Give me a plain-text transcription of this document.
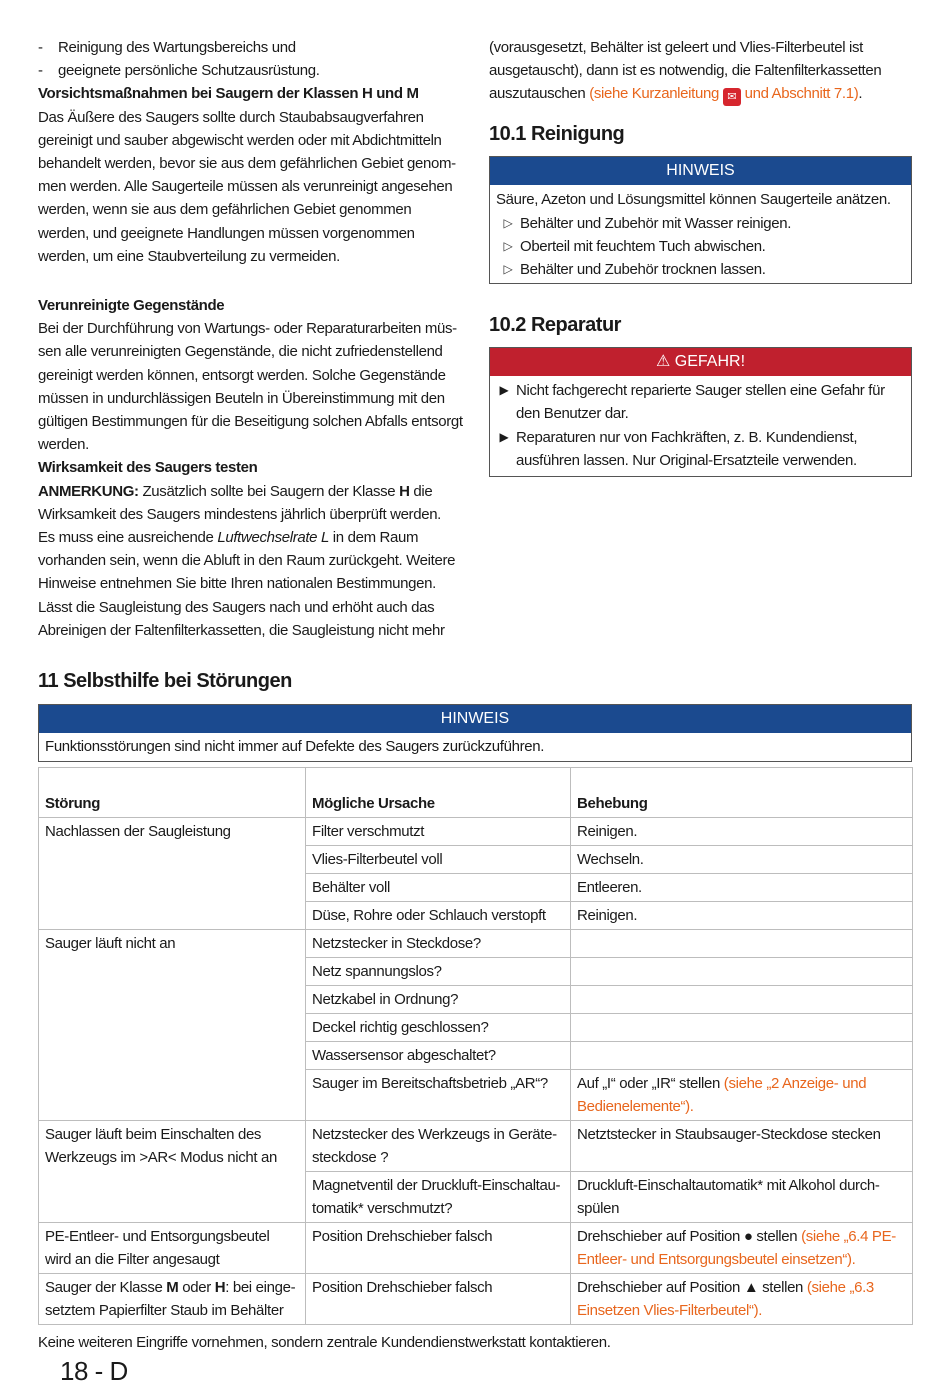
-	Reinigung des Wartungsbereichs und
-	geeignete persönliche Schutzausrüstung.

Vorsichtsmaßnahmen bei Saugern der Klassen H und M

Das Äußere des Saugers sollte durch Staubabsaugverfahren gereinigt und sauber abgewischt werden oder mit Abdichtmitteln behandelt werden, bevor sie aus dem gefährlichen Gebiet genommen werden. Alle Saugerteile müssen als verunreinigt angesehen werden, wenn sie aus dem gefährlichen Gebiet genommen werden, und geeignete Handlungen müssen vorgenommen werden, um eine Staubverteilung zu vermeiden.

Verunreinigte Gegenstände

Bei der Durchführung von Wartungs- oder Reparaturarbeiten müssen alle verunreinigten Gegenstände, die nicht zufriedenstellend gereinigt werden können, entsorgt werden. Solche Gegenstände müssen in undurchlässigen Beuteln in Übereinstimmung mit den gültigen Bestimmungen für die Beseitigung solchen Abfalls entsorgt werden.

Wirksamkeit des Saugers testen

ANMERKUNG: Zusätzlich sollte bei Saugern der Klasse H die Wirksamkeit des Saugers mindestens jährlich überprüft werden.

Es muss eine ausreichende Luftwechselrate L in dem Raum vorhanden sein, wenn die Abluft in den Raum zurückgeht. Weitere Hinweise entnehmen Sie bitte Ihren nationalen Bestimmungen.

Lässt die Saugleistung des Saugers nach und erhöht auch das Abreinigen der Faltenfilterkassetten, die Saugleistung nicht mehr

(vorausgesetzt, Behälter ist geleert und Vlies-Filterbeutel ist ausgetauscht), dann ist es notwendig, die Faltenfilterkassetten auszutauschen (siehe Kurzanleitung ✉ und Abschnitt 7.1).

10.1 Reinigung
HINWEIS

Säure, Azeton und Lösungsmittel können Saugerteile anätzen.

▷ Behälter und Zubehör mit Wasser reinigen.
▷ Oberteil mit feuchtem Tuch abwischen.
▷ Behälter und Zubehör trocknen lassen.
10.2 Reparatur
⚠ GEFAHR!
▶ Nicht fachgerecht reparierte Sauger stellen eine Gefahr für den Benutzer dar.
▶ Reparaturen nur von Fachkräften, z. B. Kundendienst, ausführen lassen. Nur Original-Ersatzteile verwenden.
11 Selbsthilfe bei Störungen
HINWEIS
Funktionsstörungen sind nicht immer auf Defekte des Saugers zurückzuführen.
Störung	Mögliche Ursache	Behebung
Nachlassen der Saugleistung	Filter verschmutzt	Reinigen.
	Vlies-Filterbeutel voll	Wechseln.
	Behälter voll	Entleeren.
	Düse, Rohre oder Schlauch verstopft	Reinigen.
Sauger läuft nicht an	Netzstecker in Steckdose?	
	Netz spannungslos?	
	Netzkabel in Ordnung?	
	Deckel richtig geschlossen?	
	Wassersensor abgeschaltet?	
	Sauger im Bereitschaftsbetrieb „AR“?	Auf „I“ oder „IR“ stellen (siehe „2 Anzeige- und Bedienelemente“).
Sauger läuft beim Einschalten des Werkzeugs im >AR< Modus nicht an	Netzstecker des Werkzeugs in Gerätesteckdose ?	Netztstecker in Staubsauger-Steckdose stecken
	Magnetventil der Druckluft-Einschaltautomatik* verschmutzt?	Druckluft-Einschaltautomatik* mit Alkohol durchspülen
PE-Entleer- und Entsorgungsbeutel wird an die Filter angesaugt	Position Drehschieber falsch	Drehschieber auf Position ● stellen (siehe „6.4 PE-Entleer- und Entsorgungsbeutel einsetzen“).
Sauger der Klasse M oder H: bei eingesetztem Papierfilter Staub im Behälter	Position Drehschieber falsch	Drehschieber auf Position ▲ stellen (siehe „6.3 Einsetzen Vlies-Filterbeutel“).
Keine weiteren Eingriffe vornehmen, sondern zentrale Kundendienstwerkstatt kontaktieren.
18 - D
